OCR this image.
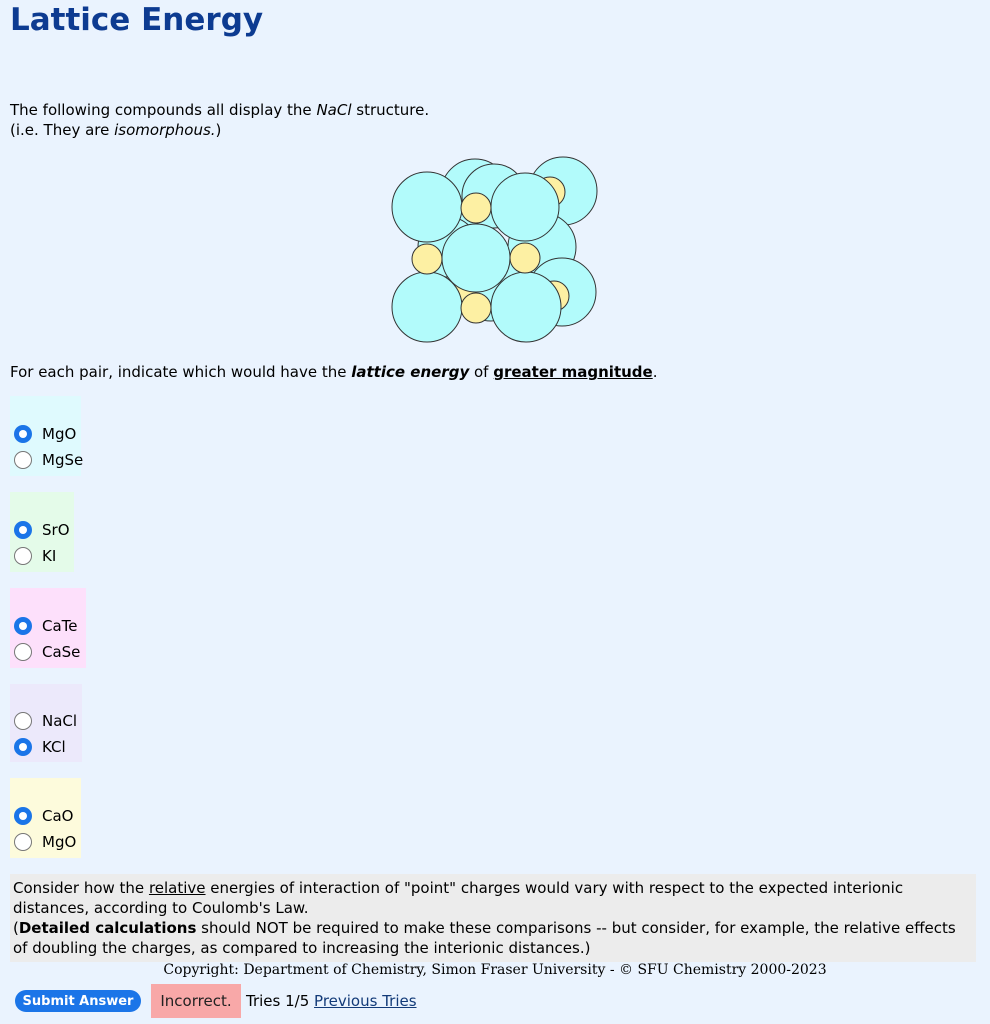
Lattice Energy
The following compounds all display the NaCl structure.
(i.e. They are isomorphous.)
For each pair, indicate which would have the lattice energy of greater magnitude.
MgO
MgSe
SrO
KI
CaTe
CaSe
NaCl
KCl
CaO
MgO
Consider how the relative energies of interaction of "point" charges would vary with respect to the expected interionic distances, according to Coulomb's Law.
(Detailed calculations should NOT be required to make these comparisons -- but consider, for example, the relative effects of doubling the charges, as compared to increasing the interionic distances.)
Copyright: Department of Chemistry, Simon Fraser University - © SFU Chemistry 2000-2023
Submit Answer	Incorrect. Tries 1/5 Previous Tries
